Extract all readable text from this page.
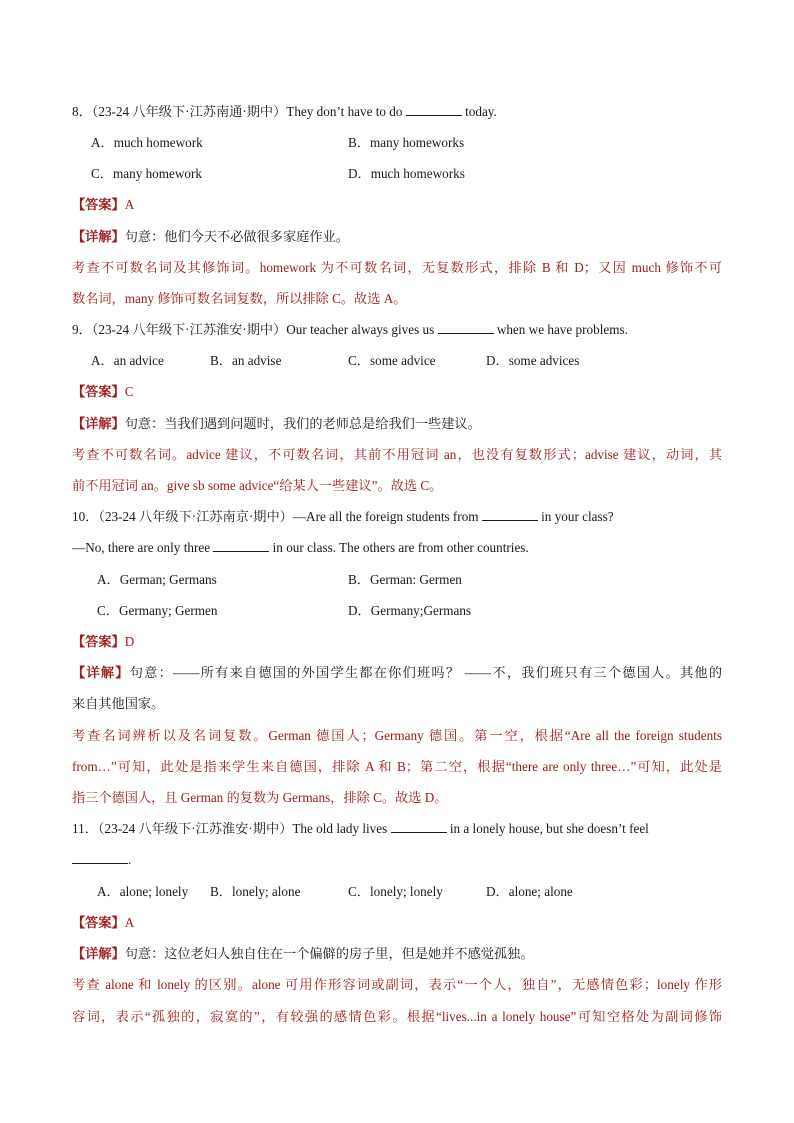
8．（23-24 八年级下·江苏南通·期中）They don’t have to do	today.
A．much homework	B．many homeworks
C．many homework	D．much homeworks
【答案】A
【详解】句意：他们今天不必做很多家庭作业。
考查不可数名词及其修饰词。homework 为不可数名词，无复数形式，排除 B 和 D；又因 much 修饰不可
数名词，many 修饰可数名词复数，所以排除 C。故选 A。
9．（23-24 八年级下·江苏淮安·期中）Our teacher always gives us	when we have problems.
A．an advice	B．an advise	C．some advice	D．some advices
【答案】C
【详解】句意：当我们遇到问题时，我们的老师总是给我们一些建议。
考查不可数名词。advice 建议，不可数名词，其前不用冠词 an，也没有复数形式；advise 建议，动词，其
前不用冠词 an。give sb some advice“给某人一些建议”。故选 C。
10．（23-24 八年级下·江苏南京·期中）—Are all the foreign students from	in your class?
—No, there are only three	in our class. The others are from other countries.
A．German; Germans	B．German: Germen
C．Germany; Germen	D．Germany;Germans
【答案】D
【详解】句意：——所有来自德国的外国学生都在你们班吗？ ——不，我们班只有三个德国人。其他的
来自其他国家。
考查名词辨析以及名词复数。German 德国人；Germany 德国。第一空，根据“Are all the foreign students
from…”可知，此处是指来学生来自德国，排除 A 和 B；第二空，根据“there are only three…”可知，此处是
指三个德国人，且 German 的复数为 Germans，排除 C。故选 D。
11．（23-24 八年级下·江苏淮安·期中）The old lady lives	in a lonely house, but she doesn’t feel
.
A．alone; lonely B．lonely; alone	C．lonely; lonely	D．alone; alone
【答案】A
【详解】句意：这位老妇人独自住在一个偏僻的房子里，但是她并不感觉孤独。
考查 alone 和 lonely 的区别。alone 可用作形容词或副词，表示“一个人，独自”，无感情色彩；lonely 作形
容词，表示“孤独的，寂寞的”，有较强的感情色彩。根据“lives...in a lonely house”可知空格处为副词修饰
